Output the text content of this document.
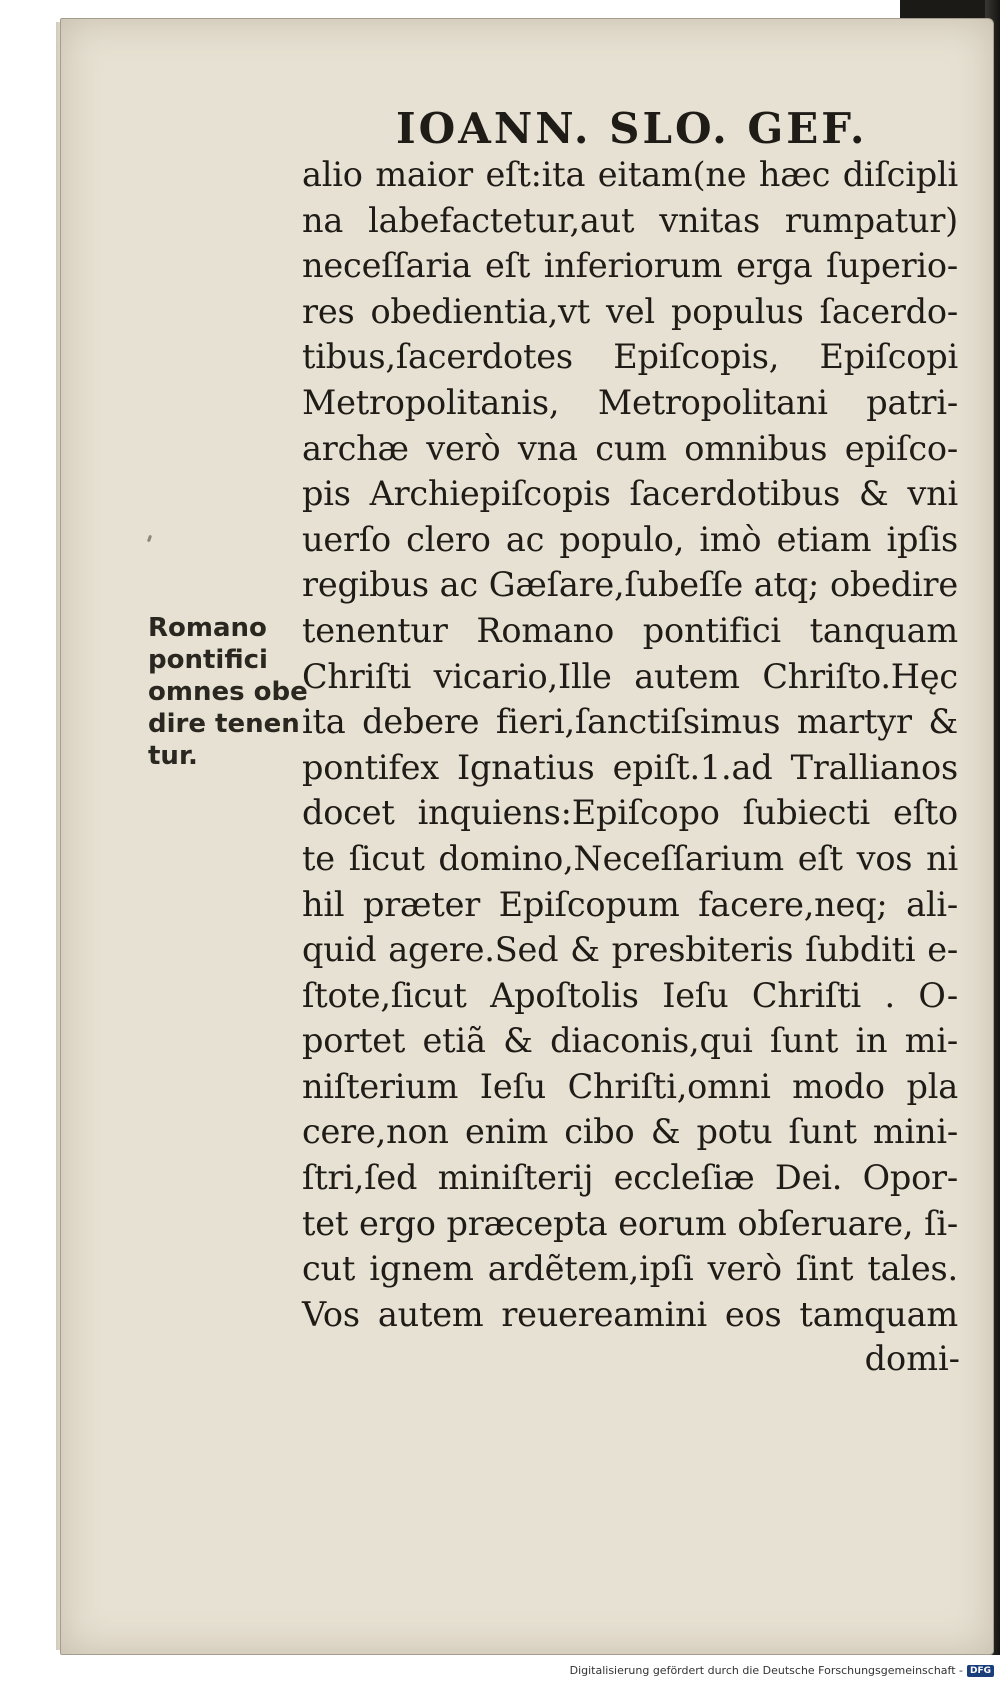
IOANN. SLO. GEF.
alio maior eſt:ita eitam(ne hæc diſcipli
na labefactetur,aut vnitas rumpatur)
neceſſaria eſt inferiorum erga ſuperio-
res obedientia,vt vel populus ſacerdo-
tibus,ſacerdotes Epiſcopis, Epiſcopi
Metropolitanis, Metropolitani patri-
archæ verò vna cum omnibus epiſco-
pis Archiepiſcopis ſacerdotibus & vni
uerſo clero ac populo, imò etiam ipſis
regibus ac Gæſare,ſubeſſe atq; obedire
tenentur Romano pontifici tanquam
Chriſti vicario,Ille autem Chriſto.Hęc
ita debere fieri,ſanctiſsimus martyr &
pontifex Ignatius epiſt.1.ad Trallianos
docet inquiens:Epiſcopo ſubiecti eſto
te ſicut domino,Neceſſarium eſt vos ni
hil præter Epiſcopum facere,neq; ali-
quid agere.Sed & presbiteris ſubditi e-
ſtote,ſicut Apoſtolis Ieſu Chriſti . O-
portet etiã & diaconis,qui ſunt in mi-
niſterium Ieſu Chriſti,omni modo pla
cere,non enim cibo & potu ſunt mini-
ſtri,ſed miniſterij eccleſiæ Dei. Opor-
tet ergo præcepta eorum obſeruare, ſi-
cut ignem ardẽtem,ipſi verò ſint tales.
Vos autem reuereamini eos tamquam
domi-
Romano
pontifici
omnes obe
dire tenen
tur.
Digitalisierung gefördert durch die Deutsche Forschungsgemeinschaft - DFG
